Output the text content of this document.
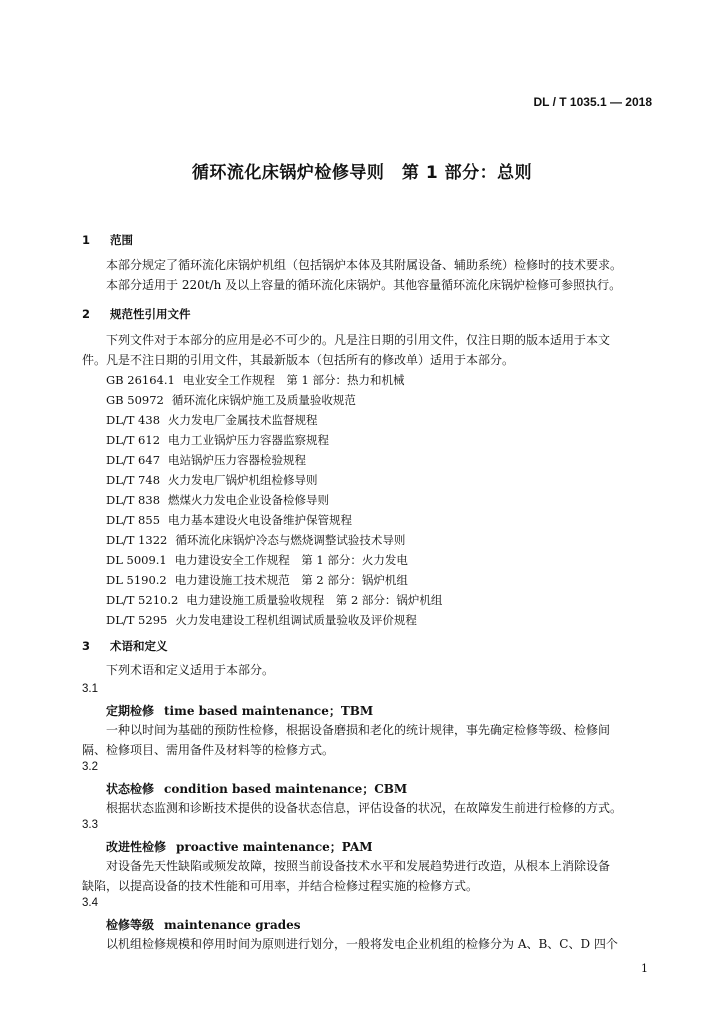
DL / T 1035.1 — 2018
循环流化床锅炉检修导则　第 1 部分：总则
1 范围
本部分规定了循环流化床锅炉机组（包括锅炉本体及其附属设备、辅助系统）检修时的技术要求。
本部分适用于 220t/h 及以上容量的循环流化床锅炉。其他容量循环流化床锅炉检修可参照执行。
2 规范性引用文件
下列文件对于本部分的应用是必不可少的。凡是注日期的引用文件，仅注日期的版本适用于本文
件。凡是不注日期的引用文件，其最新版本（包括所有的修改单）适用于本部分。
GB 26164.1 电业安全工作规程　第 1 部分：热力和机械
GB 50972 循环流化床锅炉施工及质量验收规范
DL/T 438 火力发电厂金属技术监督规程
DL/T 612 电力工业锅炉压力容器监察规程
DL/T 647 电站锅炉压力容器检验规程
DL/T 748 火力发电厂锅炉机组检修导则
DL/T 838 燃煤火力发电企业设备检修导则
DL/T 855 电力基本建设火电设备维护保管规程
DL/T 1322 循环流化床锅炉冷态与燃烧调整试验技术导则
DL 5009.1 电力建设安全工作规程　第 1 部分：火力发电
DL 5190.2 电力建设施工技术规范　第 2 部分：锅炉机组
DL/T 5210.2 电力建设施工质量验收规程　第 2 部分：锅炉机组
DL/T 5295 火力发电建设工程机组调试质量验收及评价规程
3 术语和定义
下列术语和定义适用于本部分。
3.1
定期检修 time based maintenance；TBM
一种以时间为基础的预防性检修，根据设备磨损和老化的统计规律，事先确定检修等级、检修间
隔、检修项目、需用备件及材料等的检修方式。
3.2
状态检修 condition based maintenance；CBM
根据状态监测和诊断技术提供的设备状态信息，评估设备的状况，在故障发生前进行检修的方式。
3.3
改进性检修 proactive maintenance；PAM
对设备先天性缺陷或频发故障，按照当前设备技术水平和发展趋势进行改造，从根本上消除设备
缺陷，以提高设备的技术性能和可用率，并结合检修过程实施的检修方式。
3.4
检修等级 maintenance grades
以机组检修规模和停用时间为原则进行划分，一般将发电企业机组的检修分为 A、B、C、D 四个
1
